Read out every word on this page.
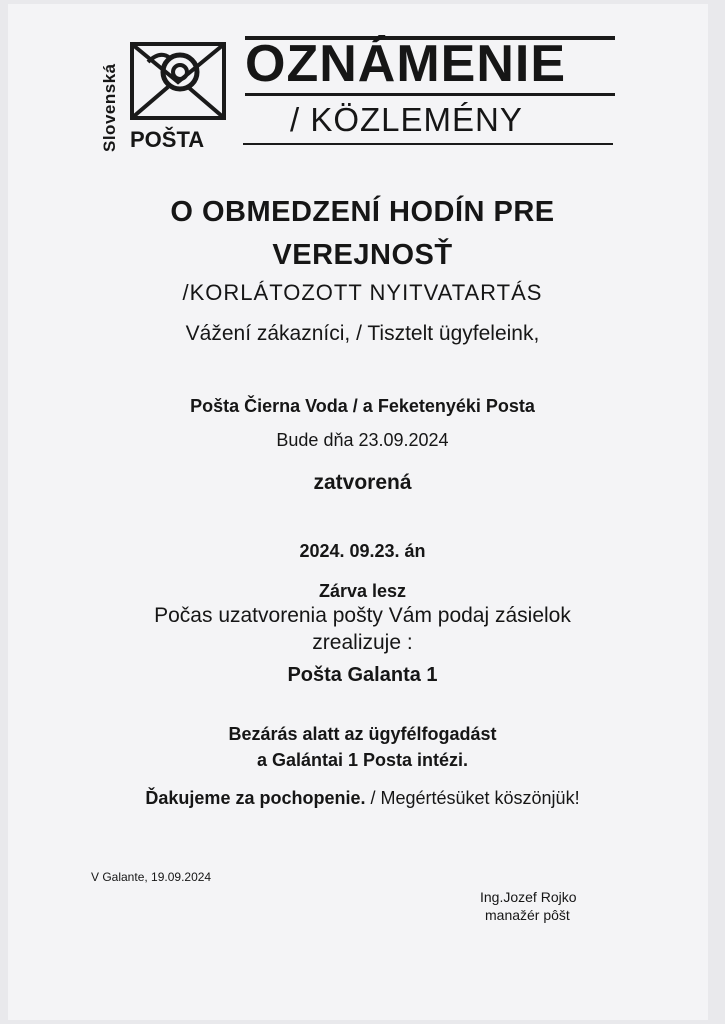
Slovenská POŠTA
OZNÁMENIE
/ KÖZLEMÉNY
O OBMEDZENÍ HODÍN PRE
VEREJNOSŤ
/KORLÁTOZOTT NYITVATARTÁS
Vážení zákazníci, / Tisztelt ügyfeleink,
Pošta Čierna Voda / a Feketenyéki Posta
Bude dňa 23.09.2024
zatvorená
2024. 09.23. án
Zárva lesz
Počas uzatvorenia pošty Vám podaj zásielok
zrealizuje :
Pošta Galanta 1
Bezárás alatt az ügyfélfogadást
a Galántai 1 Posta intézi.
Ďakujeme za pochopenie. / Megértésüket köszönjük!
V Galante, 19.09.2024
Ing.Jozef Rojko
manažér pôšt
